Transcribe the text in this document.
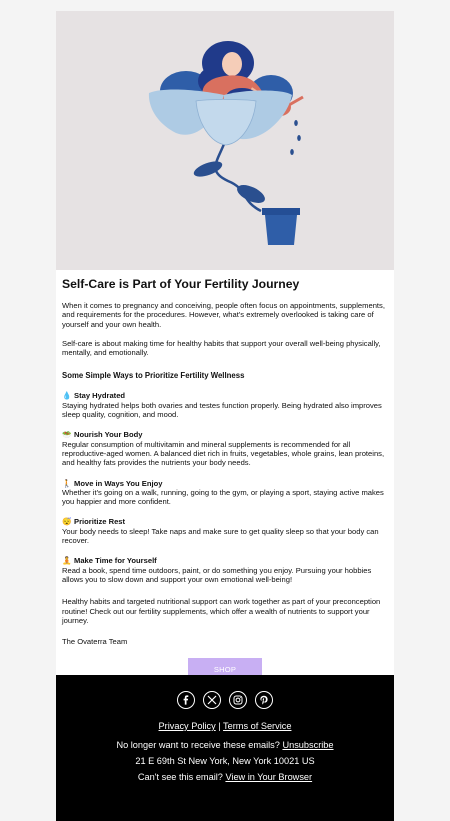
Self-Care is Part of Your Fertility Journey

When it comes to pregnancy and conceiving, people often focus on appointments, supplements, and requirements for the procedures. However, what's extremely overlooked is taking care of yourself and your own health.

Self-care is about making time for healthy habits that support your overall well-being physically, mentally, and emotionally.

Some Simple Ways to Prioritize Fertility Wellness

💧 Stay Hydrated
Staying hydrated helps both ovaries and testes function properly. Being hydrated also improves sleep quality, cognition, and mood.
🥗 Nourish Your Body
Regular consumption of multivitamin and mineral supplements is recommended for all reproductive-aged women. A balanced diet rich in fruits, vegetables, whole grains, lean proteins, and healthy fats provides the nutrients your body needs.
🚶 Move in Ways You Enjoy
Whether it's going on a walk, running, going to the gym, or playing a sport, staying active makes you happier and more confident.
😴 Prioritize Rest
Your body needs to sleep! Take naps and make sure to get quality sleep so that your body can recover.
🧘 Make Time for Yourself
Read a book, spend time outdoors, paint, or do something you enjoy. Pursuing your hobbies allows you to slow down and support your own emotional well-being!

Healthy habits and targeted nutritional support can work together as part of your preconception routine! Check out our fertility supplements, which offer a wealth of nutrients to support your journey.

The Ovaterra Team

SHOP
Privacy Policy | Terms of Service
No longer want to receive these emails? Unsubscribe
21 E 69th St New York, New York 10021 US
Can't see this email? View in Your Browser
